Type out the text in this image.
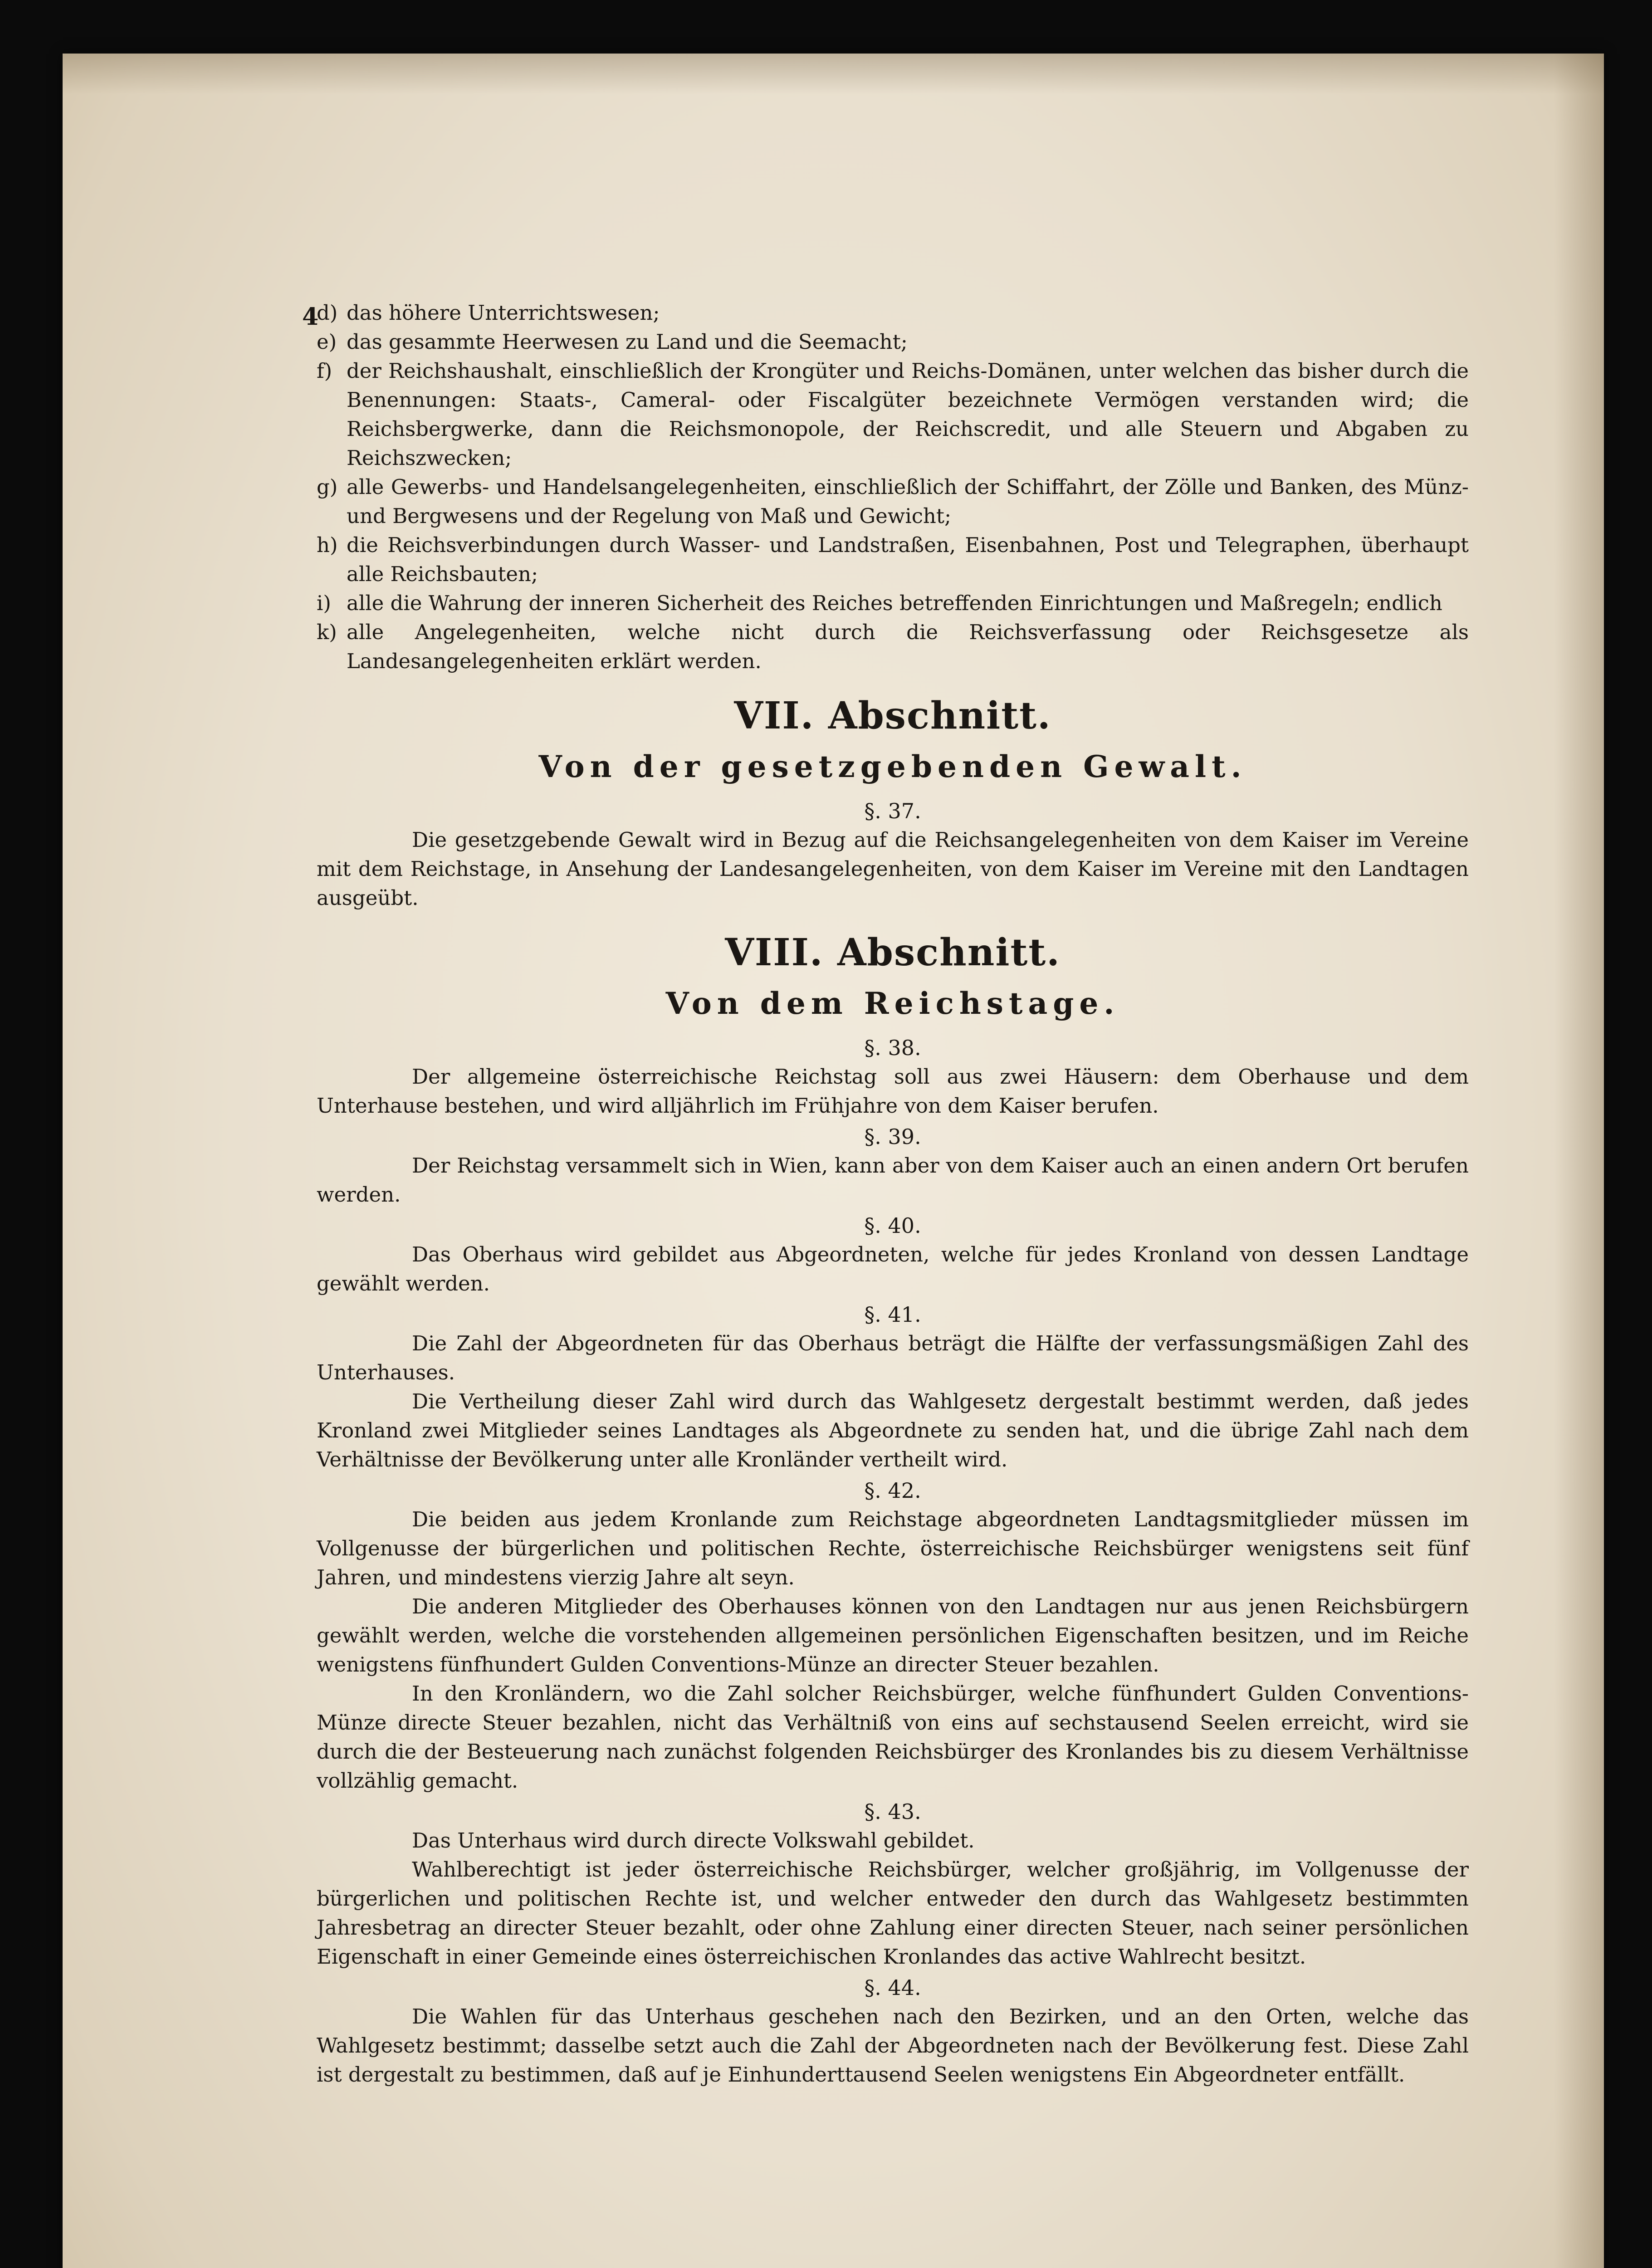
4
d) das höhere Unterrichtswesen;
e) das gesammte Heerwesen zu Land und die Seemacht;
f) der Reichshaushalt, einschließlich der Krongüter und Reichs-Domänen, unter welchen das bisher durch die Benennungen: Staats-, Cameral- oder Fiscalgüter bezeichnete Vermögen verstanden wird; die Reichsbergwerke, dann die Reichsmonopole, der Reichscredit, und alle Steuern und Abgaben zu Reichszwecken;
g) alle Gewerbs- und Handelsangelegenheiten, einschließlich der Schiffahrt, der Zölle und Banken, des Münz- und Bergwesens und der Regelung von Maß und Gewicht;
h) die Reichsverbindungen durch Wasser- und Landstraßen, Eisenbahnen, Post und Telegraphen, überhaupt alle Reichsbauten;
i) alle die Wahrung der inneren Sicherheit des Reiches betreffenden Einrichtungen und Maßregeln; endlich
k) alle Angelegenheiten, welche nicht durch die Reichsverfassung oder Reichsgesetze als Landesangelegenheiten erklärt werden.
VII. Abschnitt.
Von der gesetzgebenden Gewalt.
§. 37.
Die gesetzgebende Gewalt wird in Bezug auf die Reichsangelegenheiten von dem Kaiser im Vereine mit dem Reichstage, in Ansehung der Landesangelegenheiten, von dem Kaiser im Vereine mit den Landtagen ausgeübt.
VIII. Abschnitt.
Von dem Reichstage.
§. 38.
Der allgemeine österreichische Reichstag soll aus zwei Häusern: dem Oberhause und dem Unterhause bestehen, und wird alljährlich im Frühjahre von dem Kaiser berufen.
§. 39.
Der Reichstag versammelt sich in Wien, kann aber von dem Kaiser auch an einen andern Ort berufen werden.
§. 40.
Das Oberhaus wird gebildet aus Abgeordneten, welche für jedes Kronland von dessen Landtage gewählt werden.
§. 41.
Die Zahl der Abgeordneten für das Oberhaus beträgt die Hälfte der verfassungsmäßigen Zahl des Unterhauses.
Die Vertheilung dieser Zahl wird durch das Wahlgesetz dergestalt bestimmt werden, daß jedes Kronland zwei Mitglieder seines Landtages als Abgeordnete zu senden hat, und die übrige Zahl nach dem Verhältnisse der Bevölkerung unter alle Kronländer vertheilt wird.
§. 42.
Die beiden aus jedem Kronlande zum Reichstage abgeordneten Landtagsmitglieder müssen im Vollgenusse der bürgerlichen und politischen Rechte, österreichische Reichsbürger wenigstens seit fünf Jahren, und mindestens vierzig Jahre alt seyn.
Die anderen Mitglieder des Oberhauses können von den Landtagen nur aus jenen Reichsbürgern gewählt werden, welche die vorstehenden allgemeinen persönlichen Eigenschaften besitzen, und im Reiche wenigstens fünfhundert Gulden Conventions-Münze an directer Steuer bezahlen.
In den Kronländern, wo die Zahl solcher Reichsbürger, welche fünfhundert Gulden Conventions-Münze directe Steuer bezahlen, nicht das Verhältniß von eins auf sechstausend Seelen erreicht, wird sie durch die der Besteuerung nach zunächst folgenden Reichsbürger des Kronlandes bis zu diesem Verhältnisse vollzählig gemacht.
§. 43.
Das Unterhaus wird durch directe Volkswahl gebildet.
Wahlberechtigt ist jeder österreichische Reichsbürger, welcher großjährig, im Vollgenusse der bürgerlichen und politischen Rechte ist, und welcher entweder den durch das Wahlgesetz bestimmten Jahresbetrag an directer Steuer bezahlt, oder ohne Zahlung einer directen Steuer, nach seiner persönlichen Eigenschaft in einer Gemeinde eines österreichischen Kronlandes das active Wahlrecht besitzt.
§. 44.
Die Wahlen für das Unterhaus geschehen nach den Bezirken, und an den Orten, welche das Wahlgesetz bestimmt; dasselbe setzt auch die Zahl der Abgeordneten nach der Bevölkerung fest. Diese Zahl ist dergestalt zu bestimmen, daß auf je Einhunderttausend Seelen wenigstens Ein Abgeordneter entfällt.
